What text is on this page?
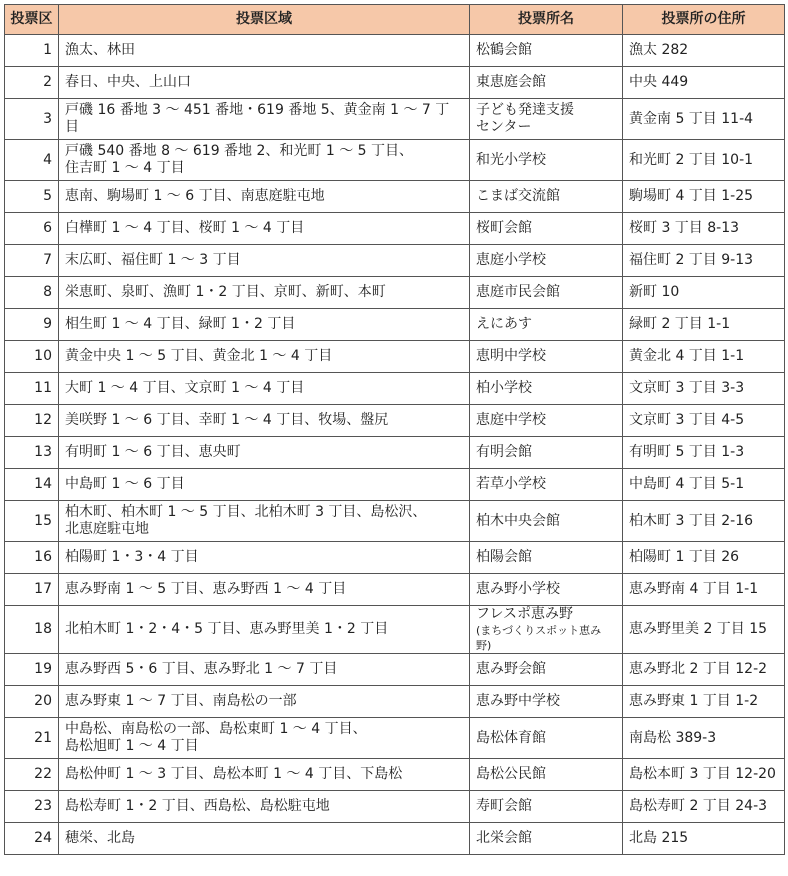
投票区	投票区域	投票所名	投票所の住所
1	漁太、林田	松鶴会館	漁太 282
2	春日、中央、上山口	東恵庭会館	中央 449
3	戸磯 16 番地 3 ～ 451 番地・619 番地 5、黄金南 1 ～ 7 丁目	子ども発達支援
センター	黄金南 5 丁目 11-4
4	戸磯 540 番地 8 ～ 619 番地 2、和光町 1 ～ 5 丁目、
住吉町 1 ～ 4 丁目	和光小学校	和光町 2 丁目 10-1
5	恵南、駒場町 1 ～ 6 丁目、南恵庭駐屯地	こまば交流館	駒場町 4 丁目 1-25
6	白樺町 1 ～ 4 丁目、桜町 1 ～ 4 丁目	桜町会館	桜町 3 丁目 8-13
7	末広町、福住町 1 ～ 3 丁目	恵庭小学校	福住町 2 丁目 9-13
8	栄恵町、泉町、漁町 1・2 丁目、京町、新町、本町	恵庭市民会館	新町 10
9	相生町 1 ～ 4 丁目、緑町 1・2 丁目	えにあす	緑町 2 丁目 1-1
10	黄金中央 1 ～ 5 丁目、黄金北 1 ～ 4 丁目	恵明中学校	黄金北 4 丁目 1-1
11	大町 1 ～ 4 丁目、文京町 1 ～ 4 丁目	柏小学校	文京町 3 丁目 3-3
12	美咲野 1 ～ 6 丁目、幸町 1 ～ 4 丁目、牧場、盤尻	恵庭中学校	文京町 3 丁目 4-5
13	有明町 1 ～ 6 丁目、恵央町	有明会館	有明町 5 丁目 1-3
14	中島町 1 ～ 6 丁目	若草小学校	中島町 4 丁目 5-1
15	柏木町、柏木町 1 ～ 5 丁目、北柏木町 3 丁目、島松沢、
北恵庭駐屯地	柏木中央会館	柏木町 3 丁目 2-16
16	柏陽町 1・3・4 丁目	柏陽会館	柏陽町 1 丁目 26
17	恵み野南 1 ～ 5 丁目、恵み野西 1 ～ 4 丁目	恵み野小学校	恵み野南 4 丁目 1-1
18	北柏木町 1・2・4・5 丁目、恵み野里美 1・2 丁目	フレスポ恵み野
(まちづくりスポット恵み野)	恵み野里美 2 丁目 15
19	恵み野西 5・6 丁目、恵み野北 1 ～ 7 丁目	恵み野会館	恵み野北 2 丁目 12-2
20	恵み野東 1 ～ 7 丁目、南島松の一部	恵み野中学校	恵み野東 1 丁目 1-2
21	中島松、南島松の一部、島松東町 1 ～ 4 丁目、
島松旭町 1 ～ 4 丁目	島松体育館	南島松 389-3
22	島松仲町 1 ～ 3 丁目、島松本町 1 ～ 4 丁目、下島松	島松公民館	島松本町 3 丁目 12-20
23	島松寿町 1・2 丁目、西島松、島松駐屯地	寿町会館	島松寿町 2 丁目 24-3
24	穂栄、北島	北栄会館	北島 215
